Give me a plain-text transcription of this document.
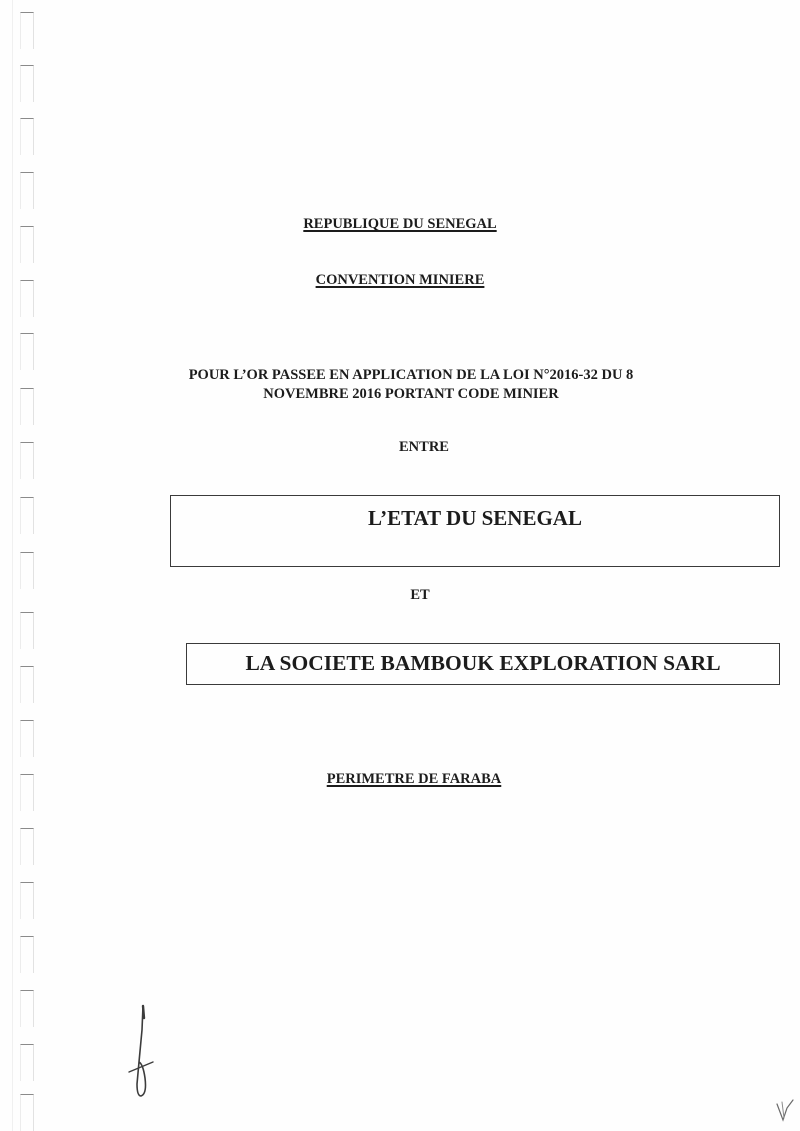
REPUBLIQUE DU SENEGAL
CONVENTION MINIERE
POUR L’OR PASSEE EN APPLICATION DE LA LOI N°2016-32 DU 8
NOVEMBRE 2016 PORTANT CODE MINIER
ENTRE
L’ETAT DU SENEGAL
ET
LA SOCIETE BAMBOUK EXPLORATION SARL
PERIMETRE DE FARABA
